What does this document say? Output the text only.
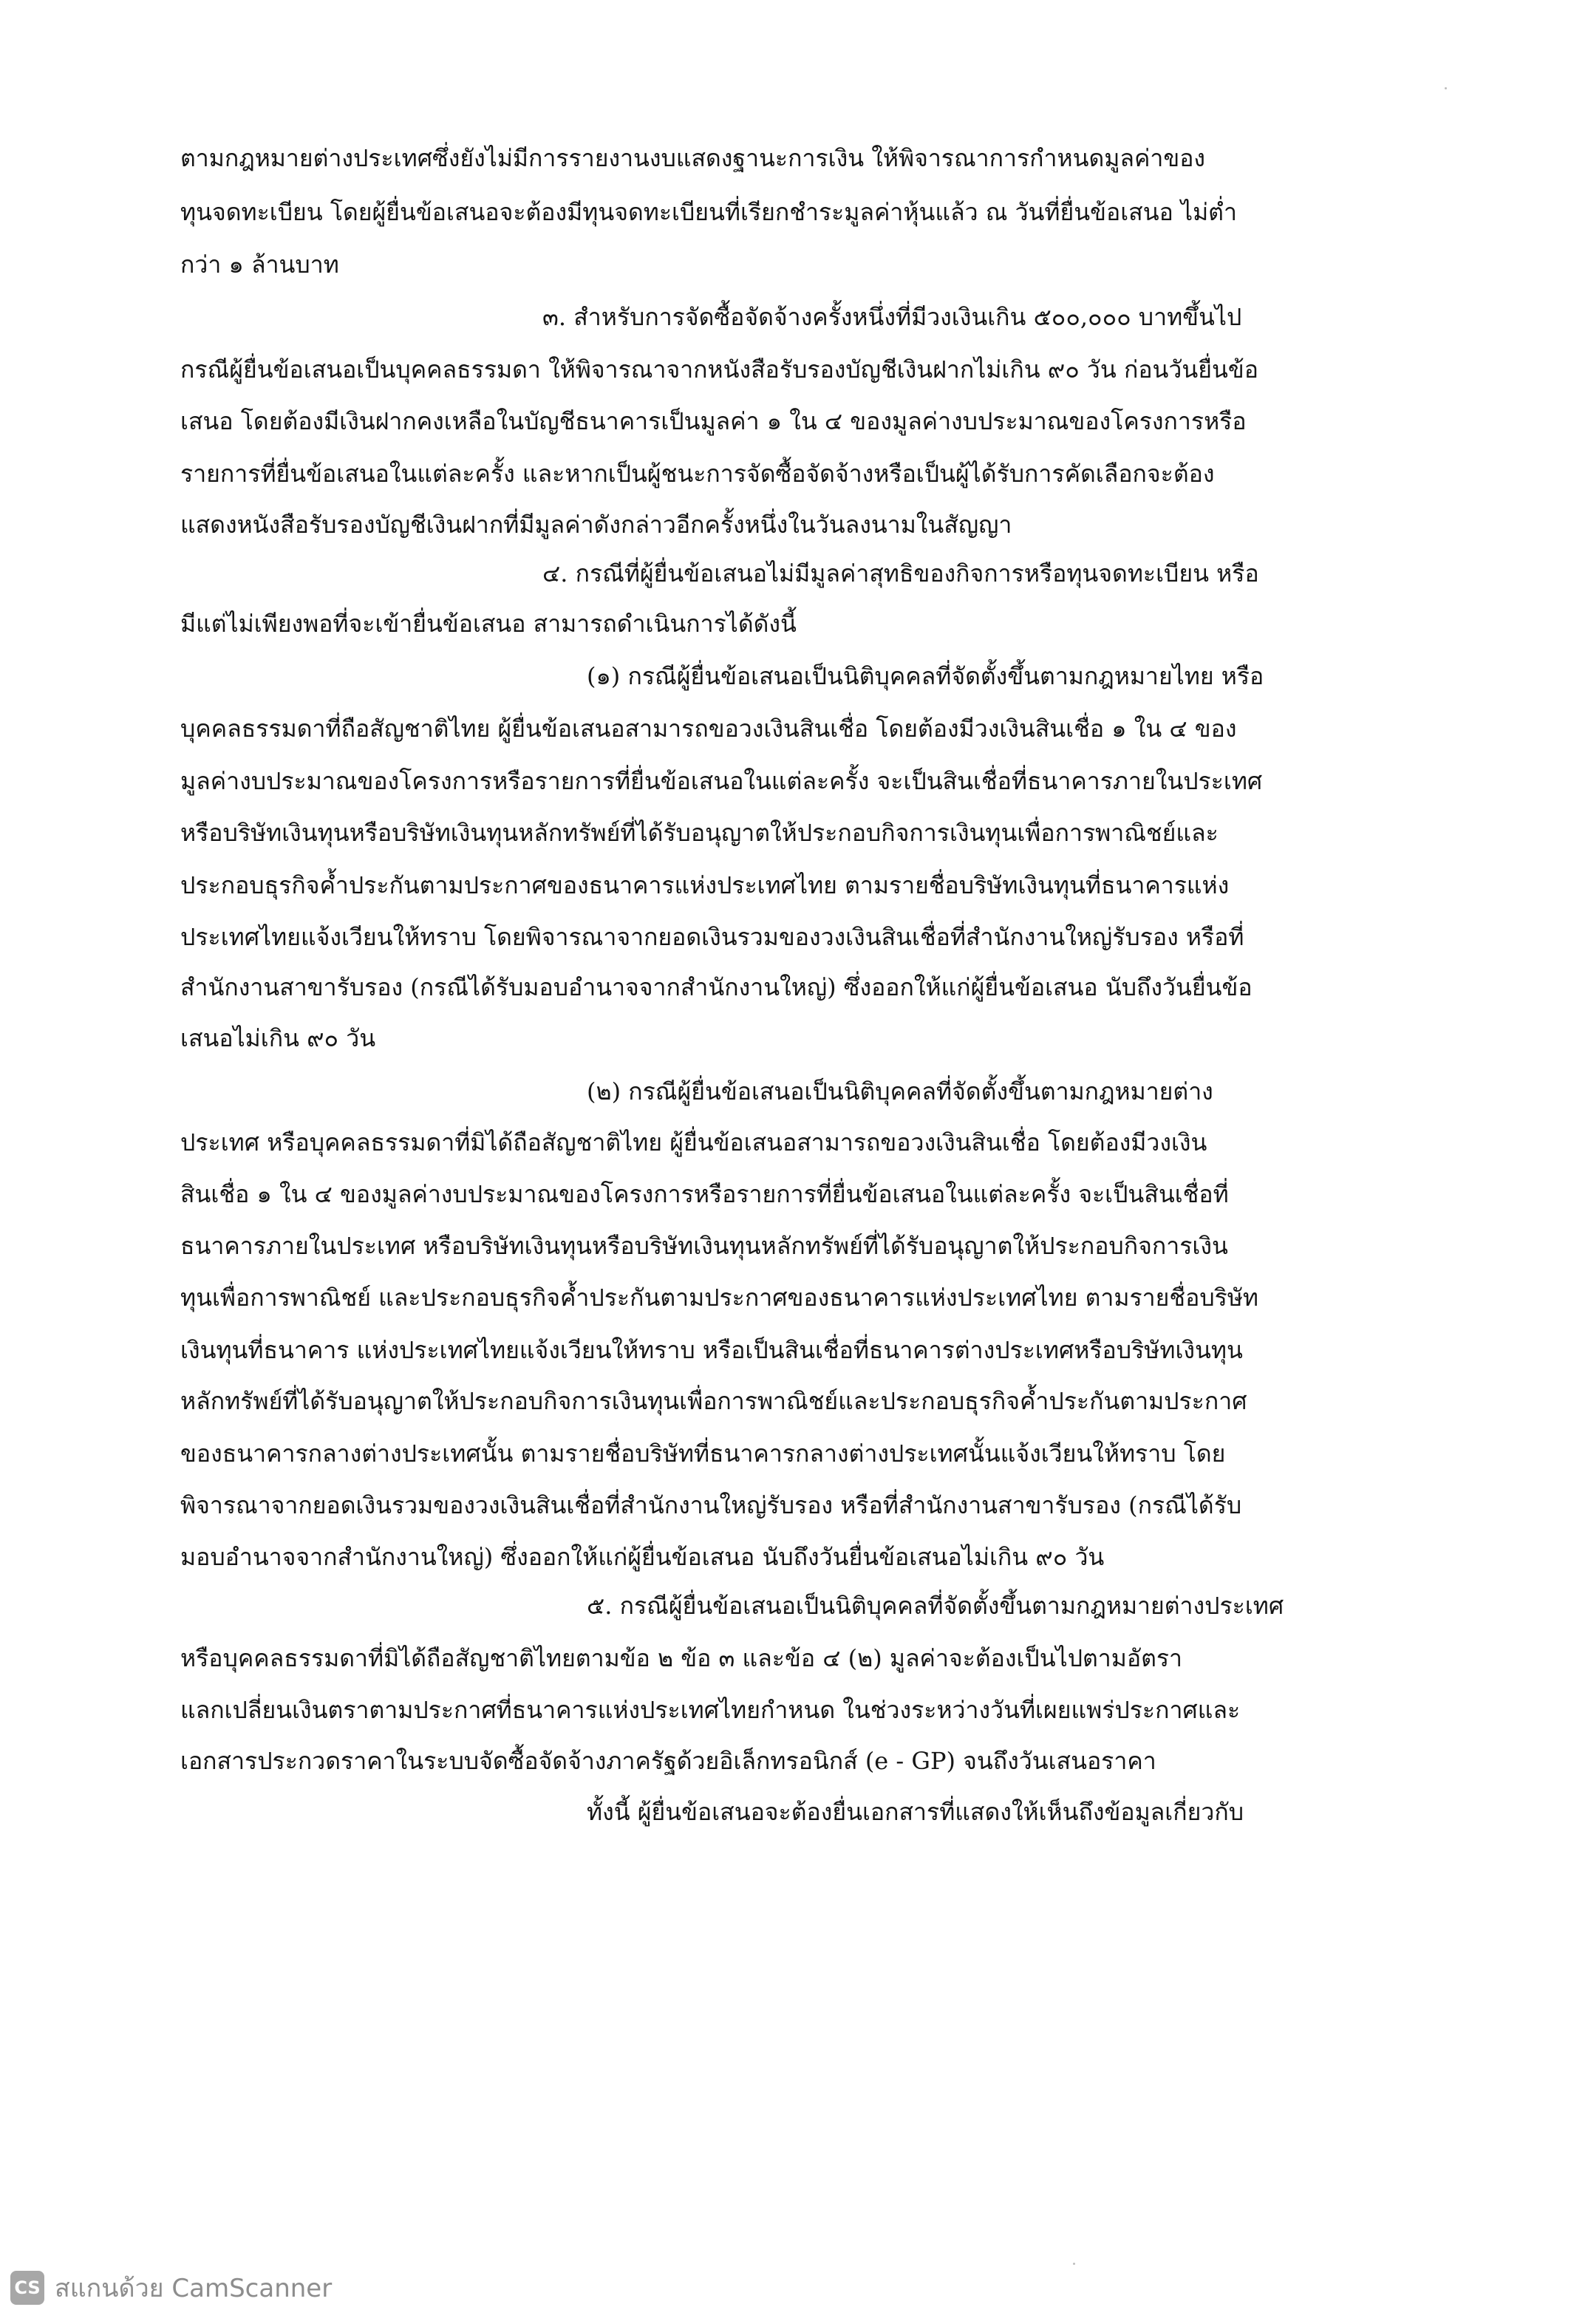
ตามกฎหมายต่างประเทศซึ่งยังไม่มีการรายงานงบแสดงฐานะการเงิน ให้พิจารณาการกำหนดมูลค่าของ
ทุนจดทะเบียน โดยผู้ยื่นข้อเสนอจะต้องมีทุนจดทะเบียนที่เรียกชำระมูลค่าหุ้นแล้ว ณ วันที่ยื่นข้อเสนอ ไม่ต่ำ
กว่า ๑ ล้านบาท
๓. สำหรับการจัดซื้อจัดจ้างครั้งหนึ่งที่มีวงเงินเกิน ๕๐๐,๐๐๐ บาทขึ้นไป
กรณีผู้ยื่นข้อเสนอเป็นบุคคลธรรมดา ให้พิจารณาจากหนังสือรับรองบัญชีเงินฝากไม่เกิน ๙๐ วัน ก่อนวันยื่นข้อ
เสนอ โดยต้องมีเงินฝากคงเหลือในบัญชีธนาคารเป็นมูลค่า ๑ ใน ๔ ของมูลค่างบประมาณของโครงการหรือ
รายการที่ยื่นข้อเสนอในแต่ละครั้ง และหากเป็นผู้ชนะการจัดซื้อจัดจ้างหรือเป็นผู้ได้รับการคัดเลือกจะต้อง
แสดงหนังสือรับรองบัญชีเงินฝากที่มีมูลค่าดังกล่าวอีกครั้งหนึ่งในวันลงนามในสัญญา
๔. กรณีที่ผู้ยื่นข้อเสนอไม่มีมูลค่าสุทธิของกิจการหรือทุนจดทะเบียน หรือ
มีแต่ไม่เพียงพอที่จะเข้ายื่นข้อเสนอ สามารถดำเนินการได้ดังนี้
(๑) กรณีผู้ยื่นข้อเสนอเป็นนิติบุคคลที่จัดตั้งขึ้นตามกฎหมายไทย หรือ
บุคคลธรรมดาที่ถือสัญชาติไทย ผู้ยื่นข้อเสนอสามารถขอวงเงินสินเชื่อ โดยต้องมีวงเงินสินเชื่อ ๑ ใน ๔ ของ
มูลค่างบประมาณของโครงการหรือรายการที่ยื่นข้อเสนอในแต่ละครั้ง จะเป็นสินเชื่อที่ธนาคารภายในประเทศ
หรือบริษัทเงินทุนหรือบริษัทเงินทุนหลักทรัพย์ที่ได้รับอนุญาตให้ประกอบกิจการเงินทุนเพื่อการพาณิชย์และ
ประกอบธุรกิจค้ำประกันตามประกาศของธนาคารแห่งประเทศไทย ตามรายชื่อบริษัทเงินทุนที่ธนาคารแห่ง
ประเทศไทยแจ้งเวียนให้ทราบ โดยพิจารณาจากยอดเงินรวมของวงเงินสินเชื่อที่สำนักงานใหญ่รับรอง หรือที่
สำนักงานสาขารับรอง (กรณีได้รับมอบอำนาจจากสำนักงานใหญ่) ซึ่งออกให้แก่ผู้ยื่นข้อเสนอ นับถึงวันยื่นข้อ
เสนอไม่เกิน ๙๐ วัน
(๒) กรณีผู้ยื่นข้อเสนอเป็นนิติบุคคลที่จัดตั้งขึ้นตามกฎหมายต่าง
ประเทศ หรือบุคคลธรรมดาที่มิได้ถือสัญชาติไทย ผู้ยื่นข้อเสนอสามารถขอวงเงินสินเชื่อ โดยต้องมีวงเงิน
สินเชื่อ ๑ ใน ๔ ของมูลค่างบประมาณของโครงการหรือรายการที่ยื่นข้อเสนอในแต่ละครั้ง จะเป็นสินเชื่อที่
ธนาคารภายในประเทศ หรือบริษัทเงินทุนหรือบริษัทเงินทุนหลักทรัพย์ที่ได้รับอนุญาตให้ประกอบกิจการเงิน
ทุนเพื่อการพาณิชย์ และประกอบธุรกิจค้ำประกันตามประกาศของธนาคารแห่งประเทศไทย ตามรายชื่อบริษัท
เงินทุนที่ธนาคาร แห่งประเทศไทยแจ้งเวียนให้ทราบ หรือเป็นสินเชื่อที่ธนาคารต่างประเทศหรือบริษัทเงินทุน
หลักทรัพย์ที่ได้รับอนุญาตให้ประกอบกิจการเงินทุนเพื่อการพาณิชย์และประกอบธุรกิจค้ำประกันตามประกาศ
ของธนาคารกลางต่างประเทศนั้น ตามรายชื่อบริษัทที่ธนาคารกลางต่างประเทศนั้นแจ้งเวียนให้ทราบ โดย
พิจารณาจากยอดเงินรวมของวงเงินสินเชื่อที่สำนักงานใหญ่รับรอง หรือที่สำนักงานสาขารับรอง (กรณีได้รับ
มอบอำนาจจากสำนักงานใหญ่) ซึ่งออกให้แก่ผู้ยื่นข้อเสนอ นับถึงวันยื่นข้อเสนอไม่เกิน ๙๐ วัน
๕. กรณีผู้ยื่นข้อเสนอเป็นนิติบุคคลที่จัดตั้งขึ้นตามกฎหมายต่างประเทศ
หรือบุคคลธรรมดาที่มิได้ถือสัญชาติไทยตามข้อ ๒ ข้อ ๓ และข้อ ๔ (๒) มูลค่าจะต้องเป็นไปตามอัตรา
แลกเปลี่ยนเงินตราตามประกาศที่ธนาคารแห่งประเทศไทยกำหนด ในช่วงระหว่างวันที่เผยแพร่ประกาศและ
เอกสารประกวดราคาในระบบจัดซื้อจัดจ้างภาครัฐด้วยอิเล็กทรอนิกส์ (e - GP) จนถึงวันเสนอราคา
ทั้งนี้ ผู้ยื่นข้อเสนอจะต้องยื่นเอกสารที่แสดงให้เห็นถึงข้อมูลเกี่ยวกับ
CS สแกนด้วย CamScanner
